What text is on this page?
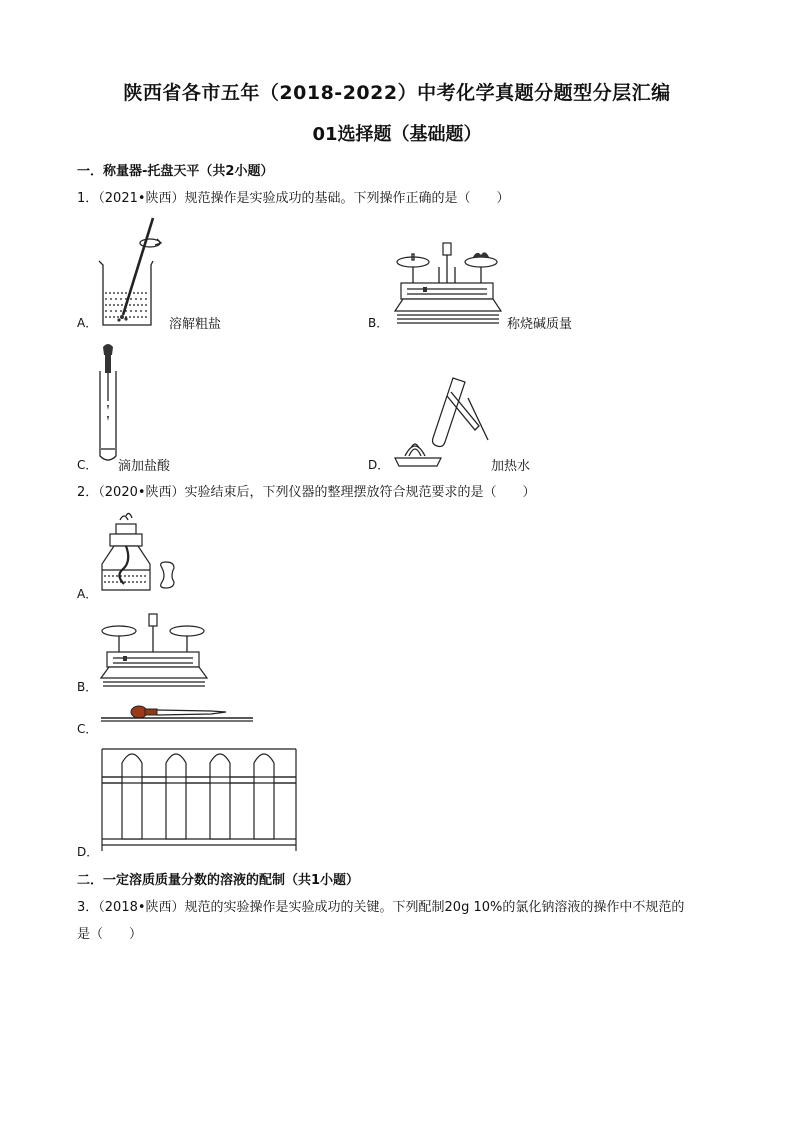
陕西省各市五年（2018-2022）中考化学真题分题型分层汇编
01选择题（基础题）
一．称量器-托盘天平（共2小题）
1．（2021•陕西）规范操作是实验成功的基础。下列操作正确的是（　　）
A．	溶解粗盐	B．	称烧碱质量
C． 滴加盐酸	D．	加热水
2．（2020•陕西）实验结束后，下列仪器的整理摆放符合规范要求的是（　　）
A．
B．
C．
D．
二．一定溶质质量分数的溶液的配制（共1小题）
3．（2018•陕西）规范的实验操作是实验成功的关键。下列配制20g 10%的氯化钠溶液的操作中不规范的
是（　　）
